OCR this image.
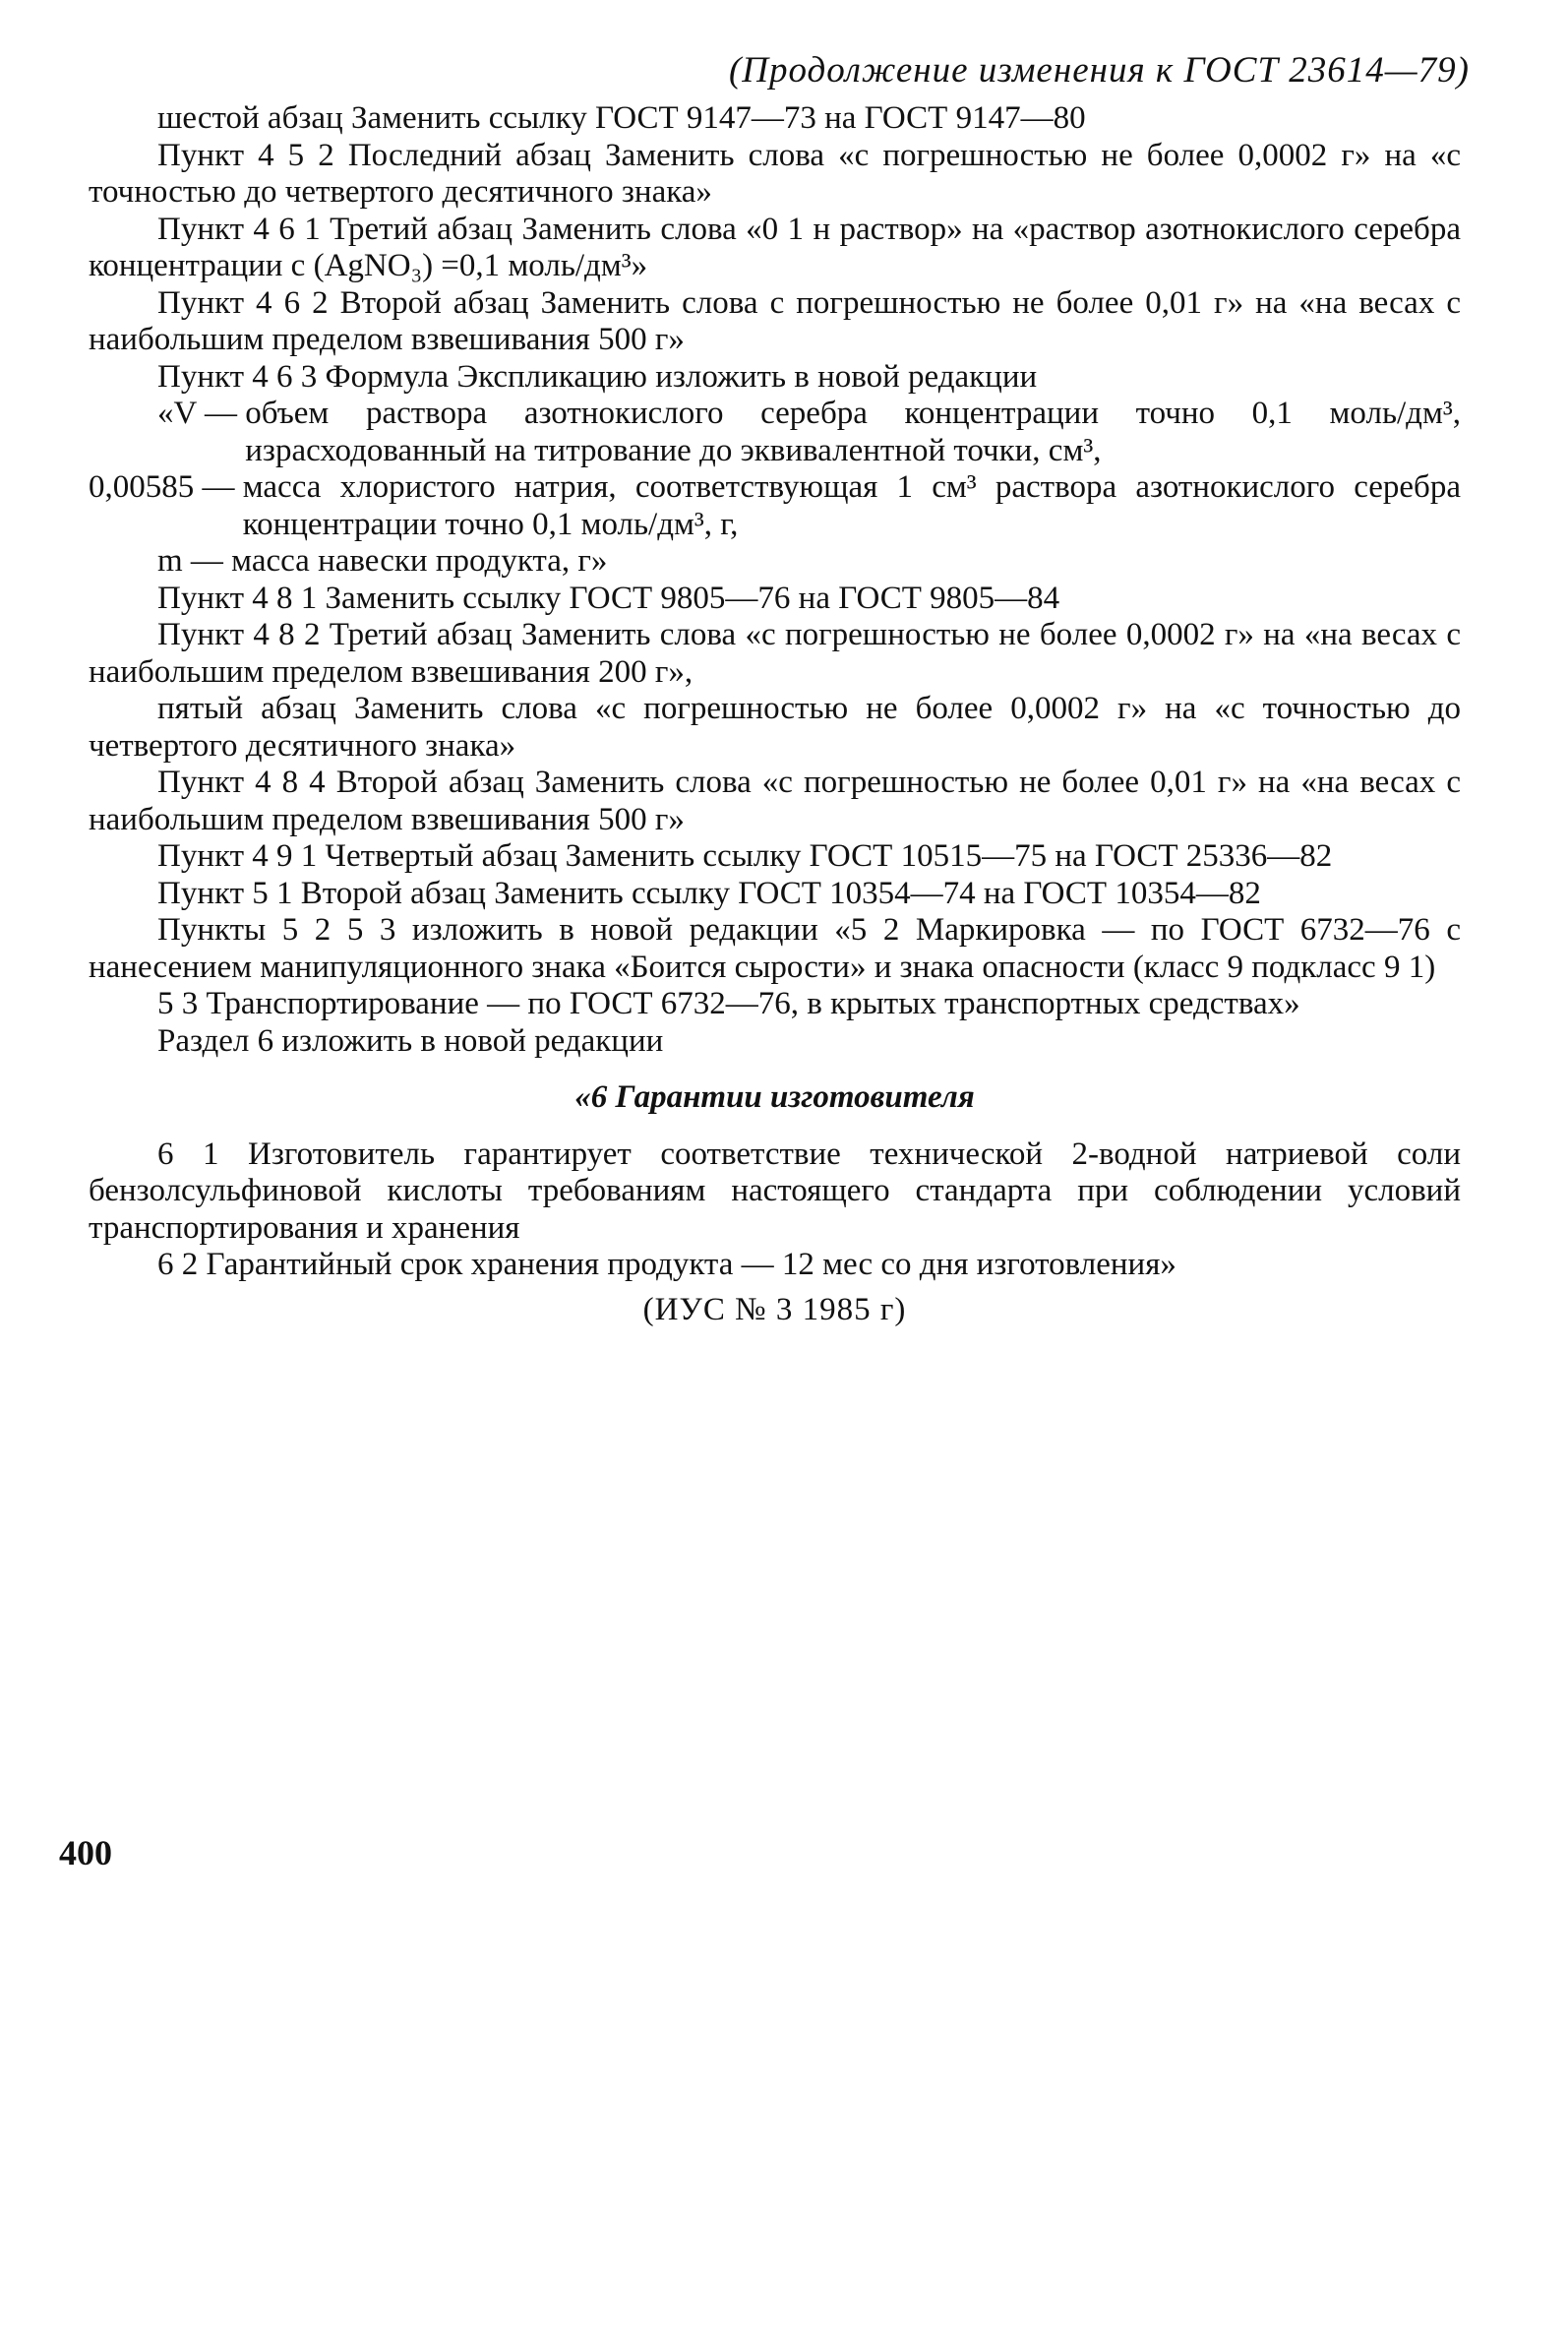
(Продолжение изменения к ГОСТ 23614—79)

шестой абзац Заменить ссылку ГОСТ 9147—73 на ГОСТ 9147—80

Пункт 4 5 2 Последний абзац Заменить слова «с погрешностью не более 0,0002 г» на «с точностью до четвертого десятичного знака»

Пункт 4 6 1 Третий абзац Заменить слова «0 1 н раствор» на «раствор азотнокислого серебра концентрации с (AgNO₃) =0,1 моль/дм³»

Пункт 4 6 2 Второй абзац Заменить слова с погрешностью не более 0,01 г» на «на весах с наибольшим пределом взвешивания 500 г»

Пункт 4 6 3 Формула Экспликацию изложить в новой редакции

«V — объем раствора азотнокислого серебра концентрации точно 0,1 моль/дм³, израсходованный на титрование до эквивалентной точки, см³,
0,00585 — масса хлористого натрия, соответствующая 1 см³ раствора азотнокислого серебра концентрации точно 0,1 моль/дм³, г,

m — масса навески продукта, г»

Пункт 4 8 1 Заменить ссылку ГОСТ 9805—76 на ГОСТ 9805—84

Пункт 4 8 2 Третий абзац Заменить слова «с погрешностью не более 0,0002 г» на «на весах с наибольшим пределом взвешивания 200 г»,

пятый абзац Заменить слова «с погрешностью не более 0,0002 г» на «с точностью до четвертого десятичного знака»

Пункт 4 8 4 Второй абзац Заменить слова «с погрешностью не более 0,01 г» на «на весах с наибольшим пределом взвешивания 500 г»

Пункт 4 9 1 Четвертый абзац Заменить ссылку ГОСТ 10515—75 на ГОСТ 25336—82

Пункт 5 1 Второй абзац Заменить ссылку ГОСТ 10354—74 на ГОСТ 10354—82

Пункты 5 2 5 3 изложить в новой редакции «5 2 Маркировка — по ГОСТ 6732—76 с нанесением манипуляционного знака «Боится сырости» и знака опасности (класс 9 подкласс 9 1)

5 3 Транспортирование — по ГОСТ 6732—76, в крытых транспортных средствах»

Раздел 6 изложить в новой редакции

«6 Гарантии изготовителя

6 1 Изготовитель гарантирует соответствие технической 2-водной натриевой соли бензолсульфиновой кислоты требованиям настоящего стандарта при соблюдении условий транспортирования и хранения

6 2 Гарантийный срок хранения продукта — 12 мес со дня изготовления»

(ИУС № 3 1985 г)

400
